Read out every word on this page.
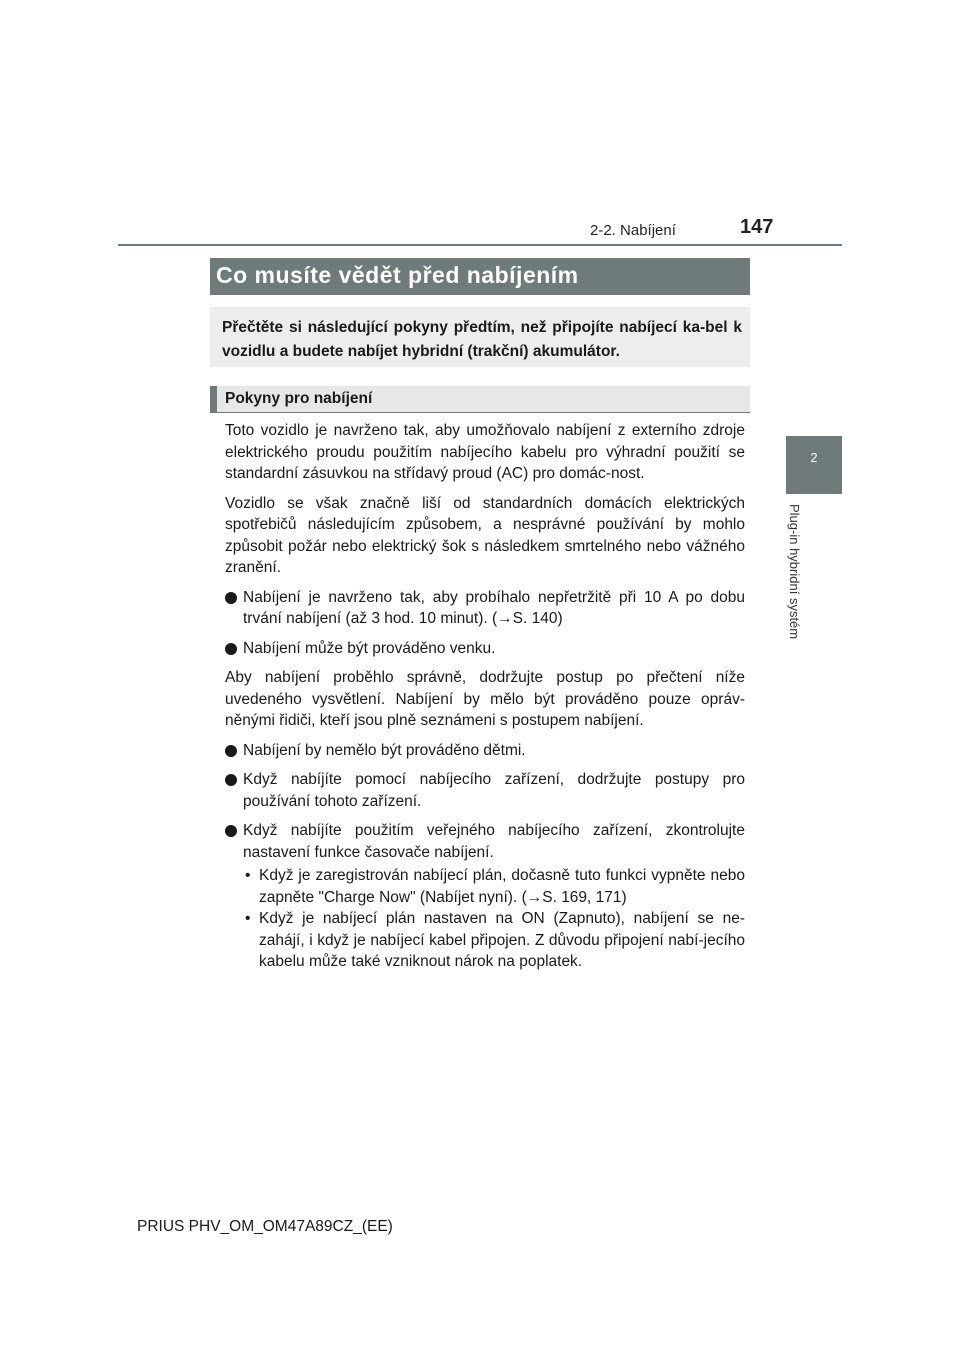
2-2. Nabíjení	147
2
Plug-in hybridní systém
Co musíte vědět před nabíjením
Přečtěte si následující pokyny předtím, než připojíte nabíjecí ka-bel k vozidlu a budete nabíjet hybridní (trakční) akumulátor.
Pokyny pro nabíjení

Toto vozidlo je navrženo tak, aby umožňovalo nabíjení z externího zdroje elektrického proudu použitím nabíjecího kabelu pro výhradní použití se standardní zásuvkou na střídavý proud (AC) pro domác-nost.

Vozidlo se však značně liší od standardních domácích elektrických spotřebičů následujícím způsobem, a nesprávné používání by mohlo způsobit požár nebo elektrický šok s následkem smrtelného nebo vážného zranění.

Nabíjení je navrženo tak, aby probíhalo nepřetržitě při 10 A po dobu trvání nabíjení (až 3 hod. 10 minut). (→S. 140)
Nabíjení může být prováděno venku.

Aby nabíjení proběhlo správně, dodržujte postup po přečtení níže uvedeného vysvětlení. Nabíjení by mělo být prováděno pouze opráv-něnými řidiči, kteří jsou plně seznámeni s postupem nabíjení.

Nabíjení by nemělo být prováděno dětmi.
Když nabíjíte pomocí nabíjecího zařízení, dodržujte postupy pro používání tohoto zařízení.
Když nabíjíte použitím veřejného nabíjecího zařízení, zkontrolujte nastavení funkce časovače nabíjení.
• Když je zaregistrován nabíjecí plán, dočasně tuto funkci vypněte nebo zapněte "Charge Now" (Nabíjet nyní). (→S. 169, 171)
• Když je nabíjecí plán nastaven na ON (Zapnuto), nabíjení se ne-zahájí, i když je nabíjecí kabel připojen. Z důvodu připojení nabí-jecího kabelu může také vzniknout nárok na poplatek.
PRIUS PHV_OM_OM47A89CZ_(EE)
